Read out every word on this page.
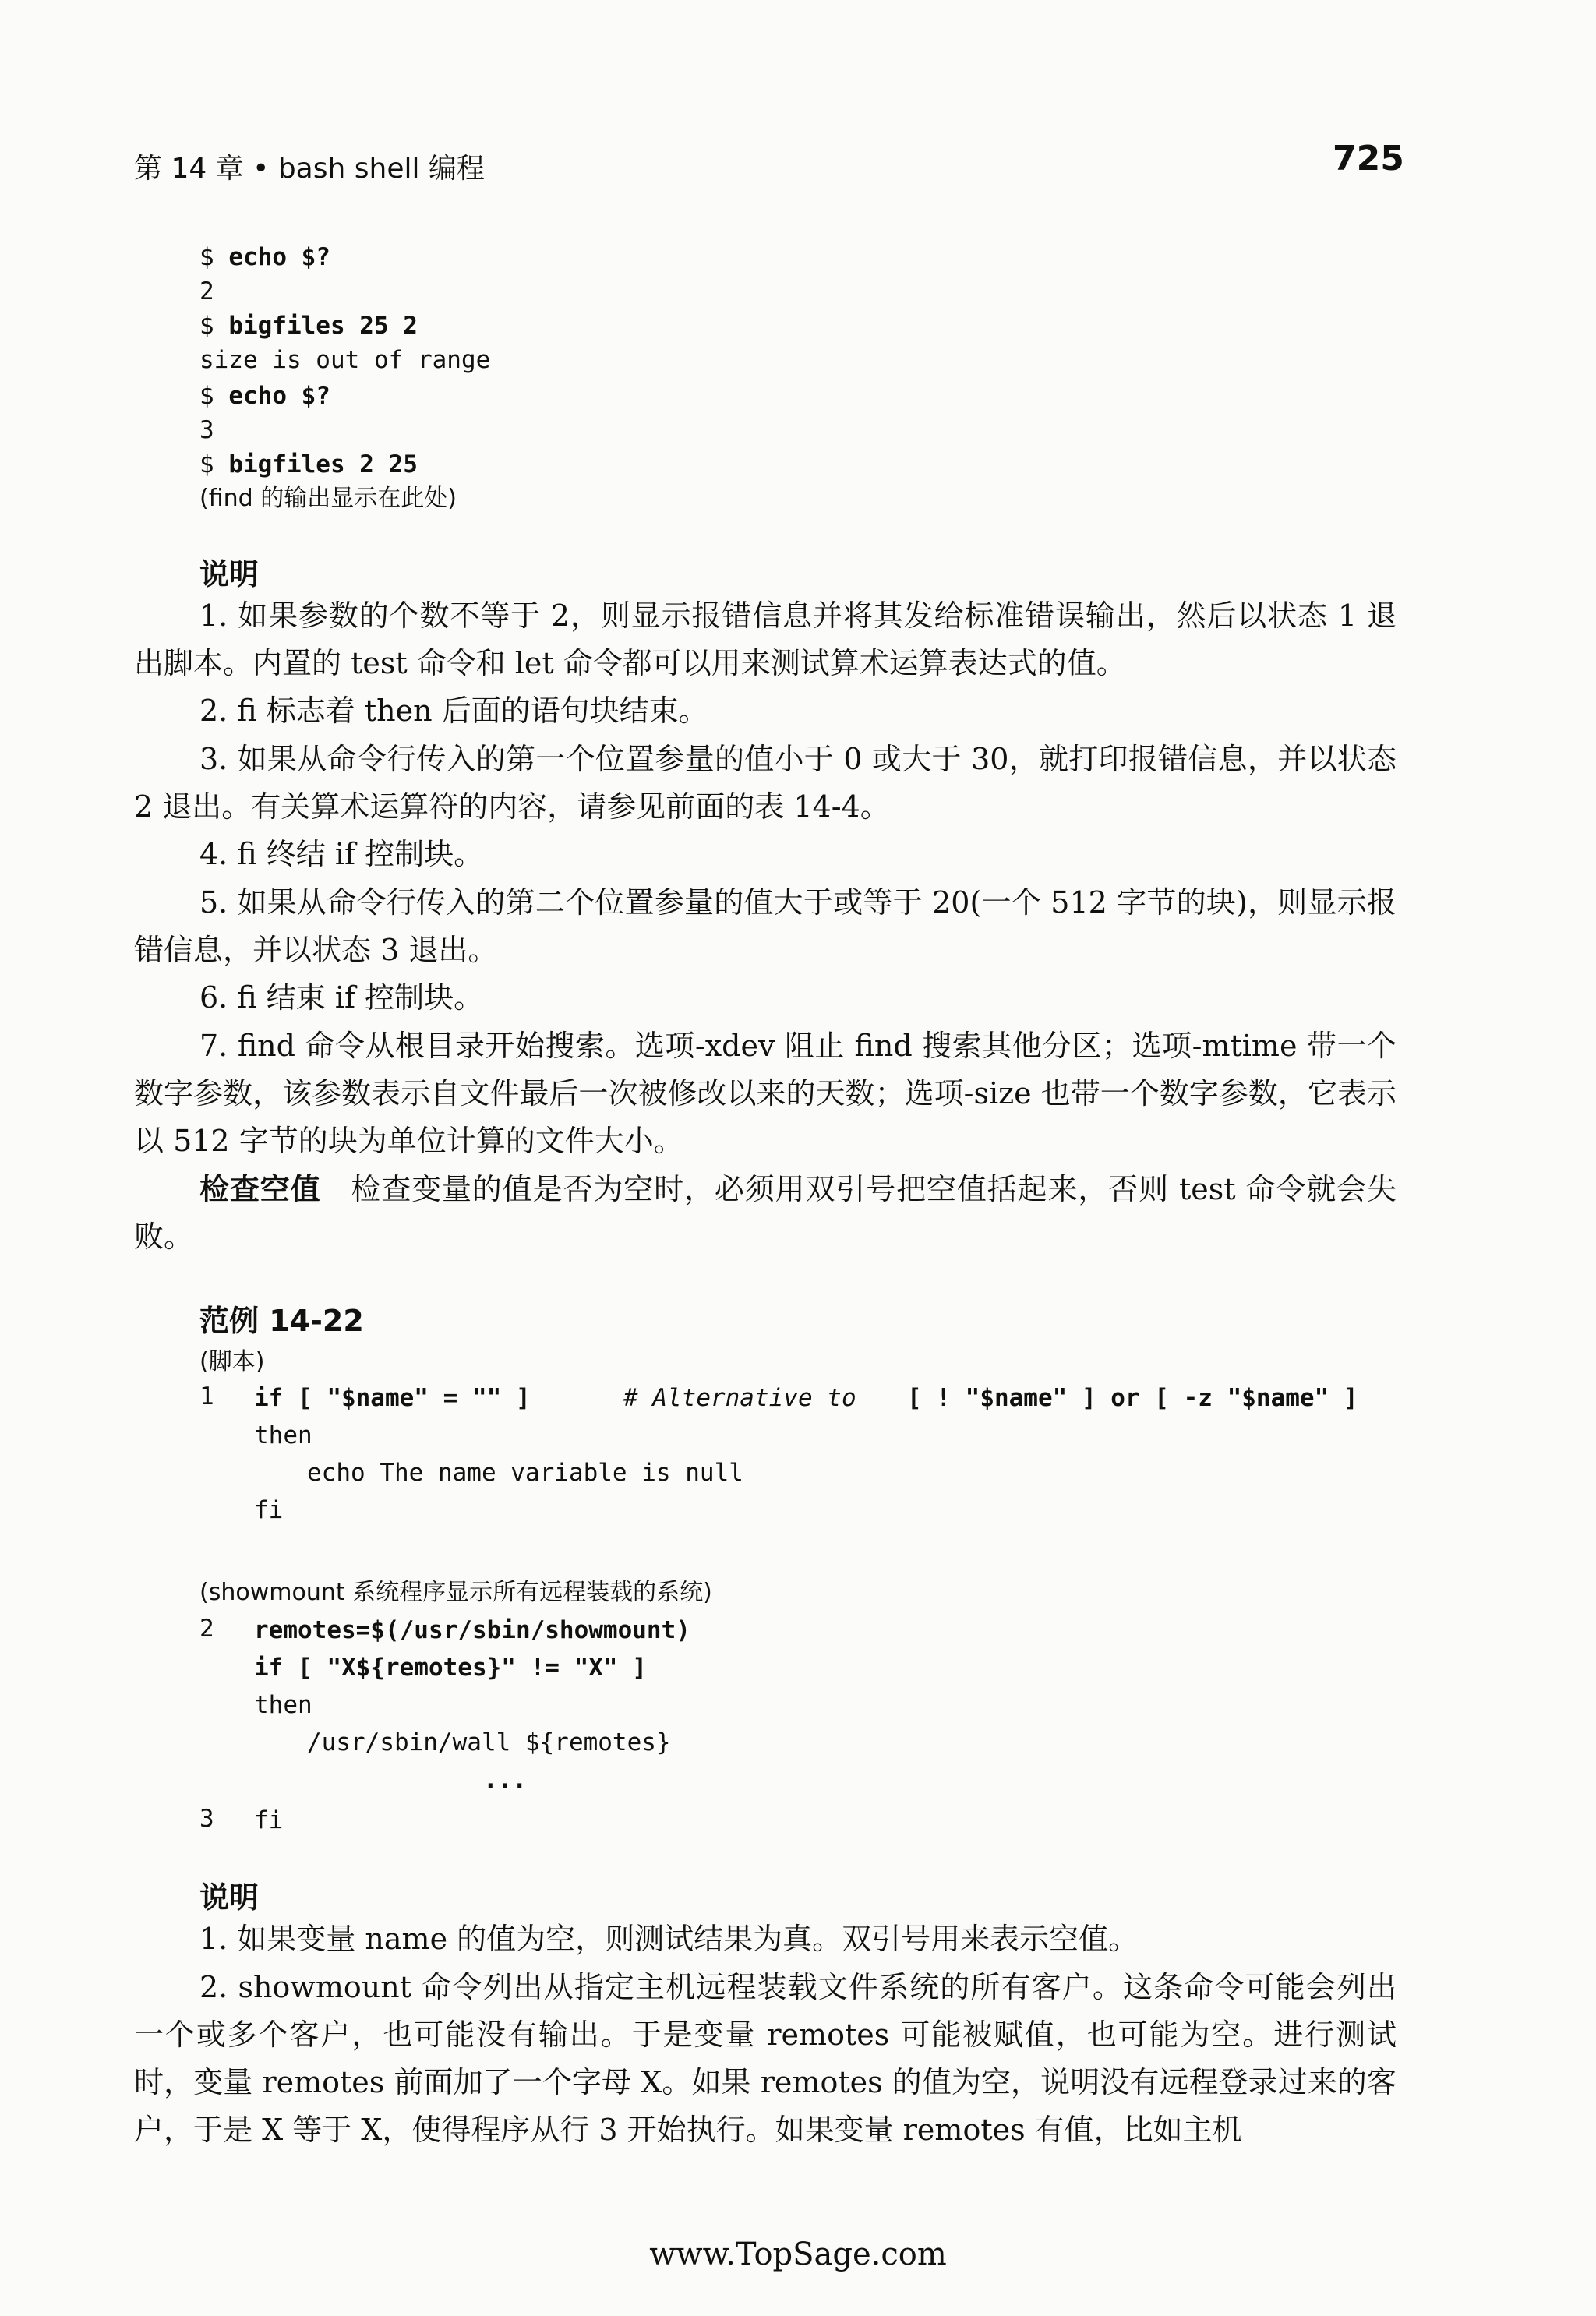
第 14 章 • bash shell 编程	725
$ echo $?
2
$ bigfiles 25 2
size is out of range
$ echo $?
3
$ bigfiles 2 25
(find 的输出显示在此处)
说明
1. 如果参数的个数不等于 2，则显示报错信息并将其发给标准错误输出，然后以状态 1 退出脚本。内置的 test 命令和 let 命令都可以用来测试算术运算表达式的值。
2. fi 标志着 then 后面的语句块结束。
3. 如果从命令行传入的第一个位置参量的值小于 0 或大于 30，就打印报错信息，并以状态 2 退出。有关算术运算符的内容，请参见前面的表 14-4。
4. fi 终结 if 控制块。
5. 如果从命令行传入的第二个位置参量的值大于或等于 20(一个 512 字节的块)，则显示报错信息，并以状态 3 退出。
6. fi 结束 if 控制块。
7. find 命令从根目录开始搜索。选项-xdev 阻止 find 搜索其他分区；选项-mtime 带一个数字参数，该参数表示自文件最后一次被修改以来的天数；选项-size 也带一个数字参数，它表示以 512 字节的块为单位计算的文件大小。
检查空值  检查变量的值是否为空时，必须用双引号把空值括起来，否则 test 命令就会失败。
范例 14-22
(脚本)
1 if [ "$name" = "" ]	# Alternative to [ ! "$name" ] or [ -z "$name" ]
then
echo The name variable is null
fi
(showmount 系统程序显示所有远程装载的系统)
2 remotes=$(/usr/sbin/showmount)
if [ "X${remotes}" != "X" ]
then
/usr/sbin/wall ${remotes}
...
3 fi
说明
1. 如果变量 name 的值为空，则测试结果为真。双引号用来表示空值。
2. showmount 命令列出从指定主机远程装载文件系统的所有客户。这条命令可能会列出一个或多个客户，也可能没有输出。于是变量 remotes 可能被赋值，也可能为空。进行测试时，变量 remotes 前面加了一个字母 X。如果 remotes 的值为空，说明没有远程登录过来的客户，于是 X 等于 X，使得程序从行 3 开始执行。如果变量 remotes 有值，比如主机
www.TopSage.com
